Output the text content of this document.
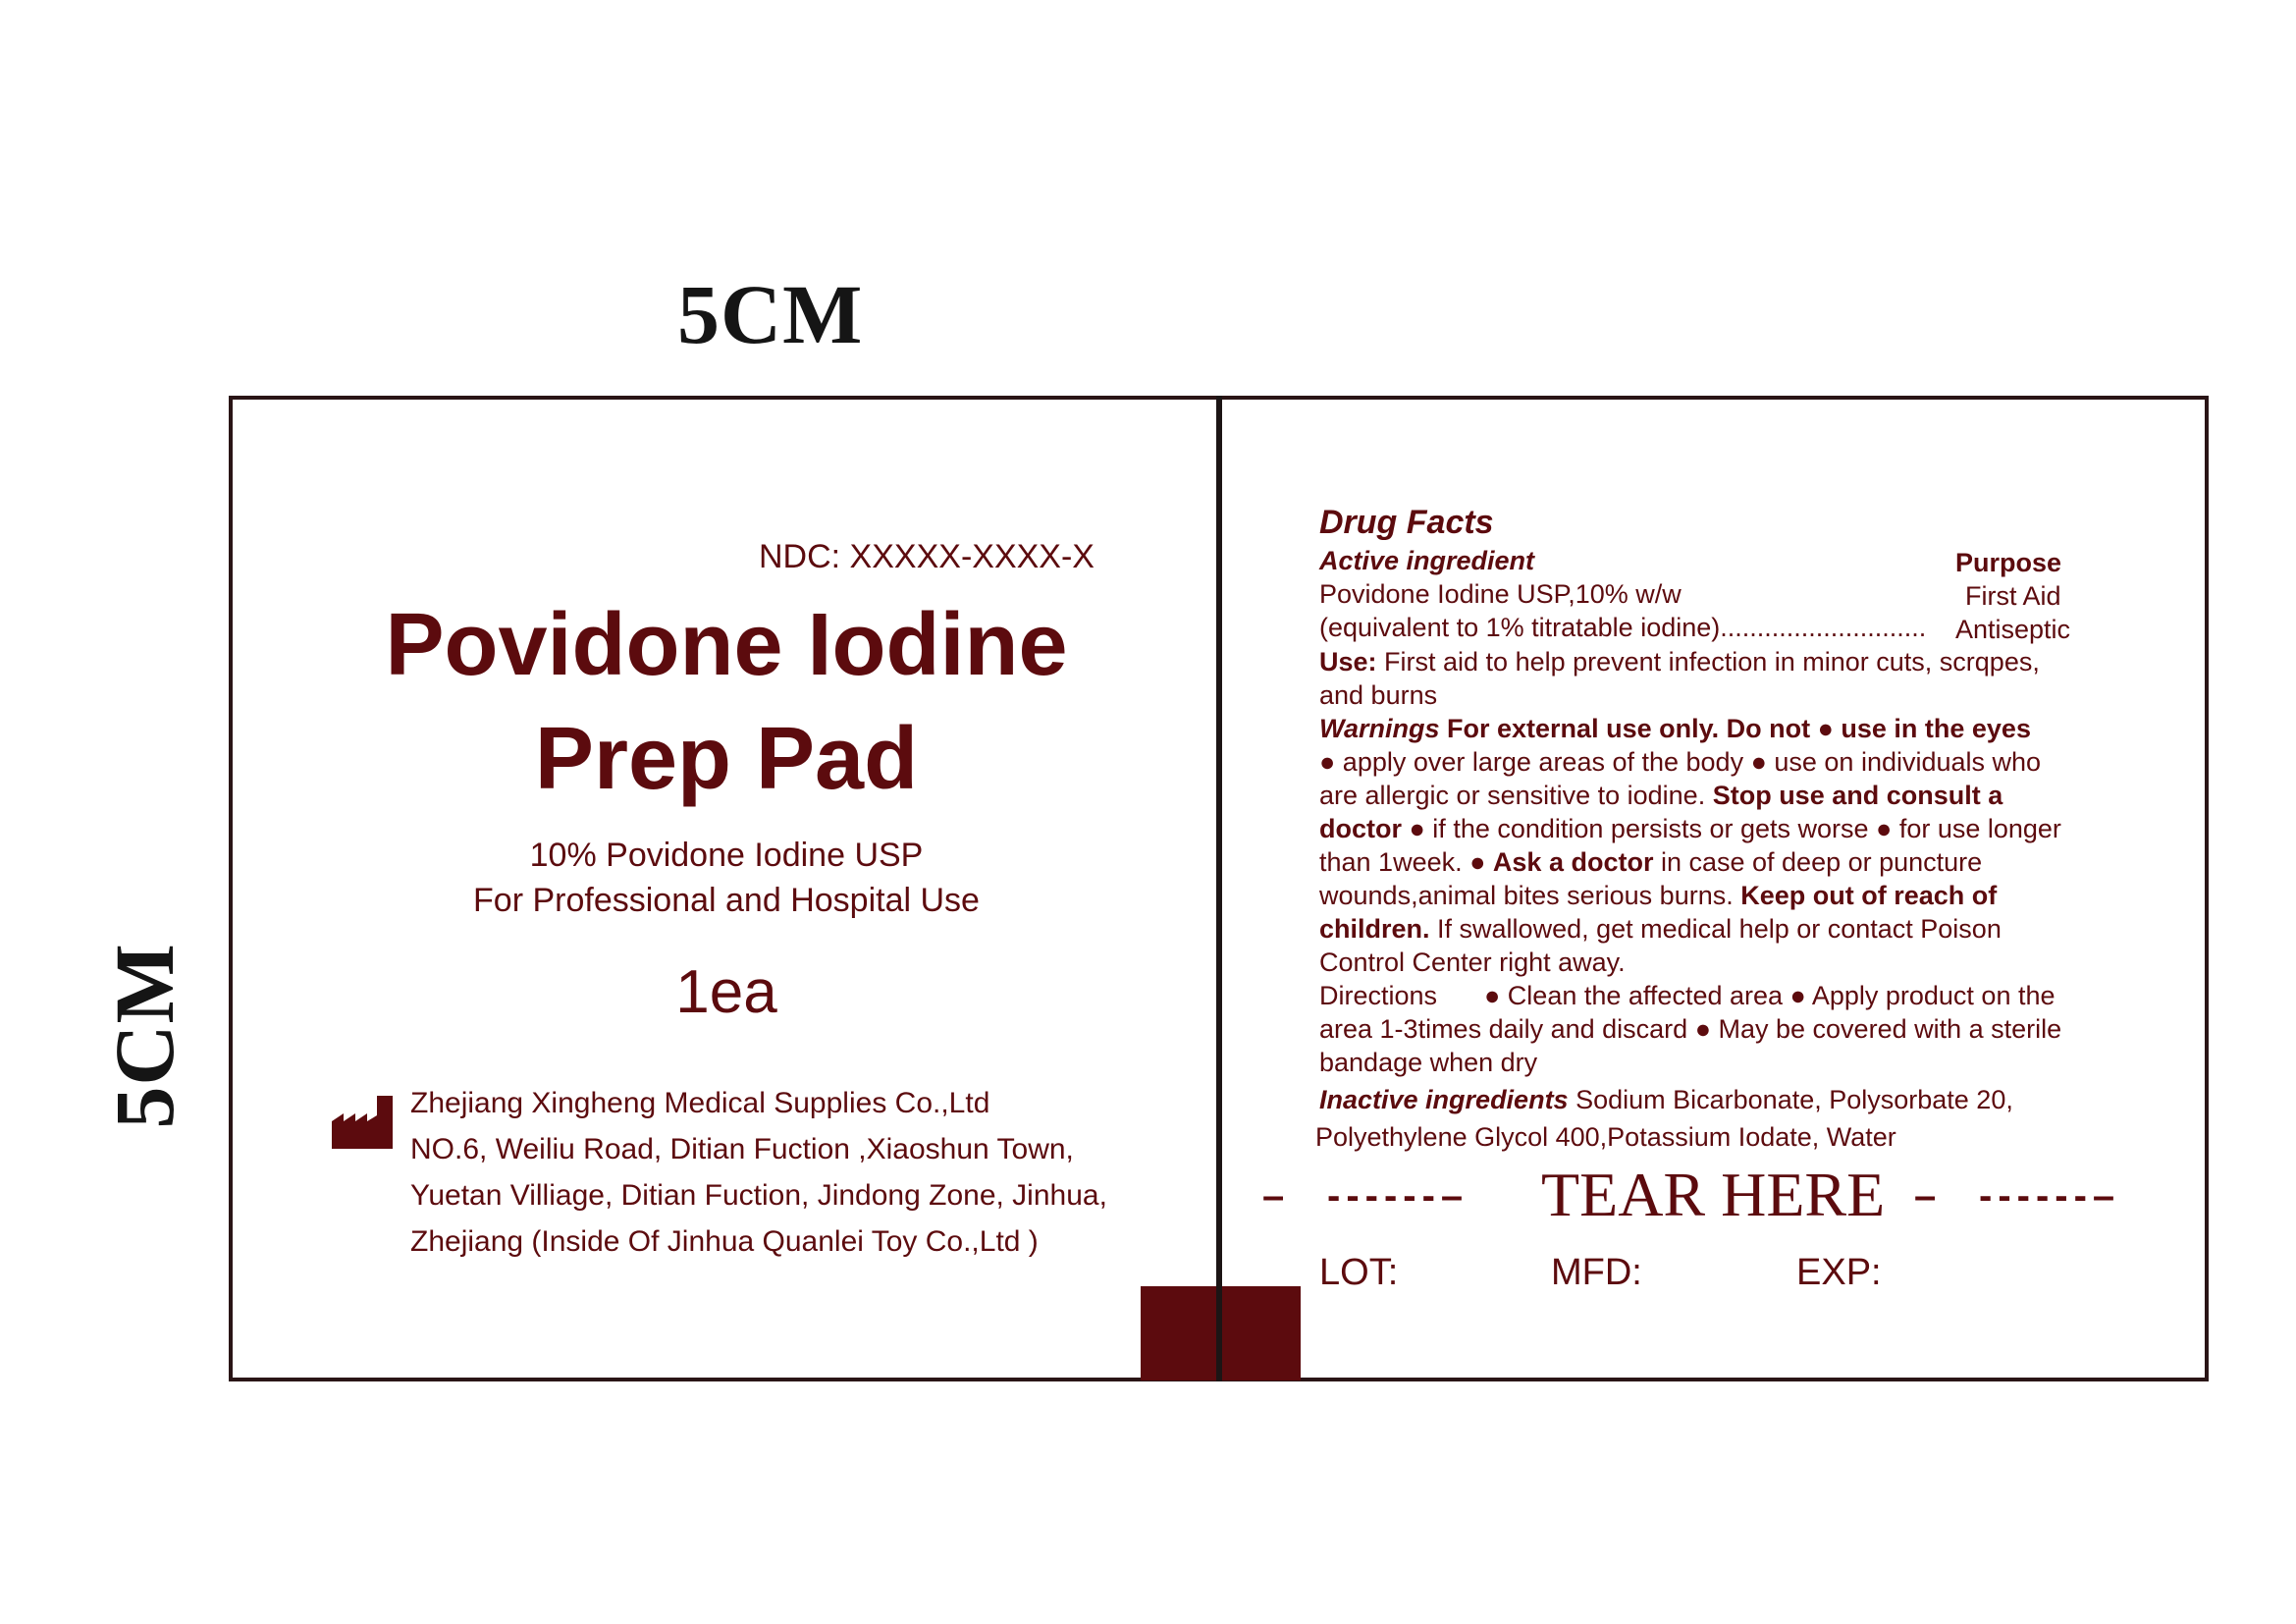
5CM
5CM
NDC: XXXXX-XXXX-X
Povidone Iodine
Prep Pad
10% Povidone Iodine USP
For Professional and Hospital Use
1ea
Zhejiang Xingheng Medical Supplies Co.,Ltd
NO.6, Weiliu Road, Ditian Fuction ,Xiaoshun Town,
Yuetan Villiage, Ditian Fuction, Jindong Zone, Jinhua,
Zhejiang (Inside Of Jinhua Quanlei Toy Co.,Ltd )
Drug Facts
Active ingredient	Purpose
Povidone Iodine USP,10% w/w	First Aid
(equivalent to 1% titratable iodine)............................ Antiseptic
Use: First aid to help prevent infection in minor cuts, scrqpes,
and burns
Warnings For external use only. Do not ● use in the eyes
● apply over large areas of the body ● use on individuals who
are allergic or sensitive to iodine. Stop use and consult a
doctor ● if the condition persists or gets worse ● for use longer
than 1week. ● Ask a doctor in case of deep or puncture
wounds,animal bites serious burns. Keep out of reach of
children. If swallowed, get medical help or contact Poison
Control Center right away.
Directions ● Clean the affected area ● Apply product on the
area 1-3times daily and discard ● May be covered with a sterile
bandage when dry
Inactive ingredients Sodium Bicarbonate, Polysorbate 20,
Polyethylene Glycol 400,Potassium Iodate, Water
– ------– TEAR HERE – ------–
LOT:	MFD:	EXP:
